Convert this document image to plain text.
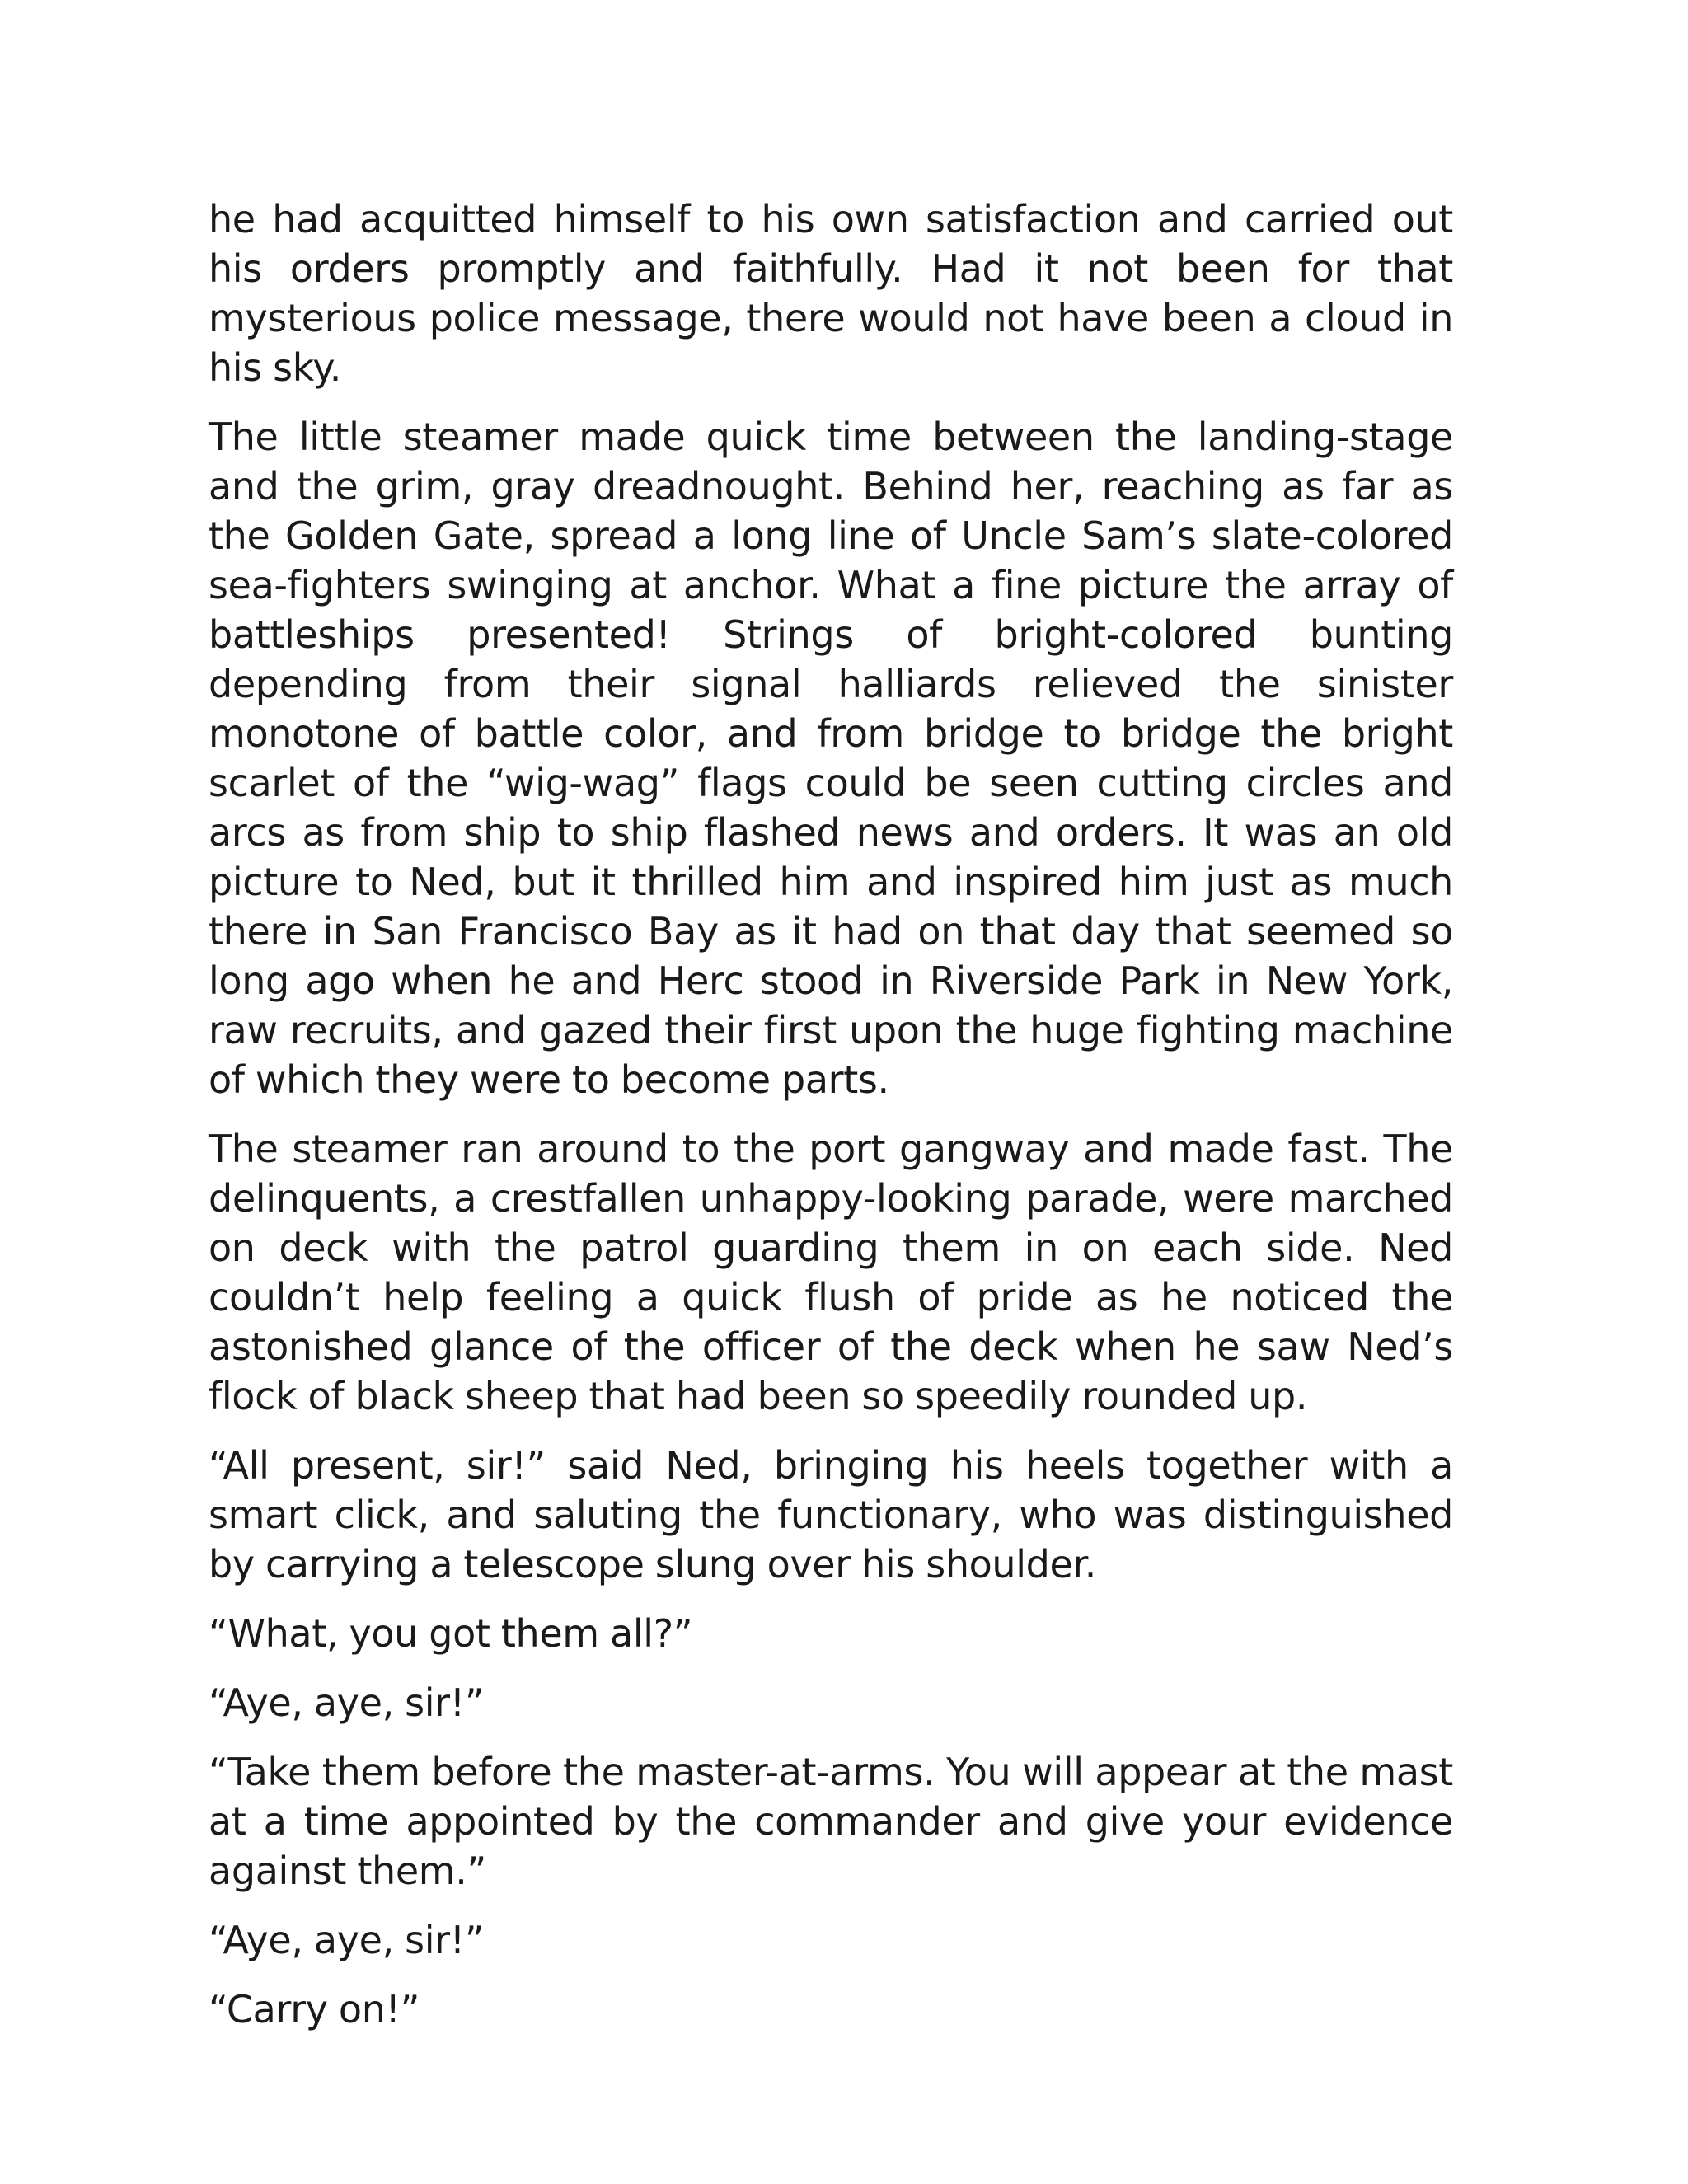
he had acquitted himself to his own satisfaction and carried out his orders promptly and faithfully. Had it not been for that mysterious police message, there would not have been a cloud in his sky.

The little steamer made quick time between the landing-stage and the grim, gray dreadnought. Behind her, reaching as far as the Golden Gate, spread a long line of Uncle Sam’s slate-colored sea-fighters swinging at anchor. What a fine picture the array of battleships presented! Strings of bright-colored bunting depending from their signal halliards relieved the sinister monotone of battle color, and from bridge to bridge the bright scarlet of the “wig-wag” flags could be seen cutting circles and arcs as from ship to ship flashed news and orders. It was an old picture to Ned, but it thrilled him and inspired him just as much there in San Francisco Bay as it had on that day that seemed so long ago when he and Herc stood in Riverside Park in New York, raw recruits, and gazed their first upon the huge fighting machine of which they were to become parts.

The steamer ran around to the port gangway and made fast. The delinquents, a crestfallen unhappy-looking parade, were marched on deck with the patrol guarding them in on each side. Ned couldn’t help feeling a quick flush of pride as he noticed the astonished glance of the officer of the deck when he saw Ned’s flock of black sheep that had been so speedily rounded up.

“All present, sir!” said Ned, bringing his heels together with a smart click, and saluting the functionary, who was distinguished by carrying a telescope slung over his shoulder.

“What, you got them all?”

“Aye, aye, sir!”

“Take them before the master-at-arms. You will appear at the mast at a time appointed by the commander and give your evidence against them.”

“Aye, aye, sir!”

“Carry on!”
